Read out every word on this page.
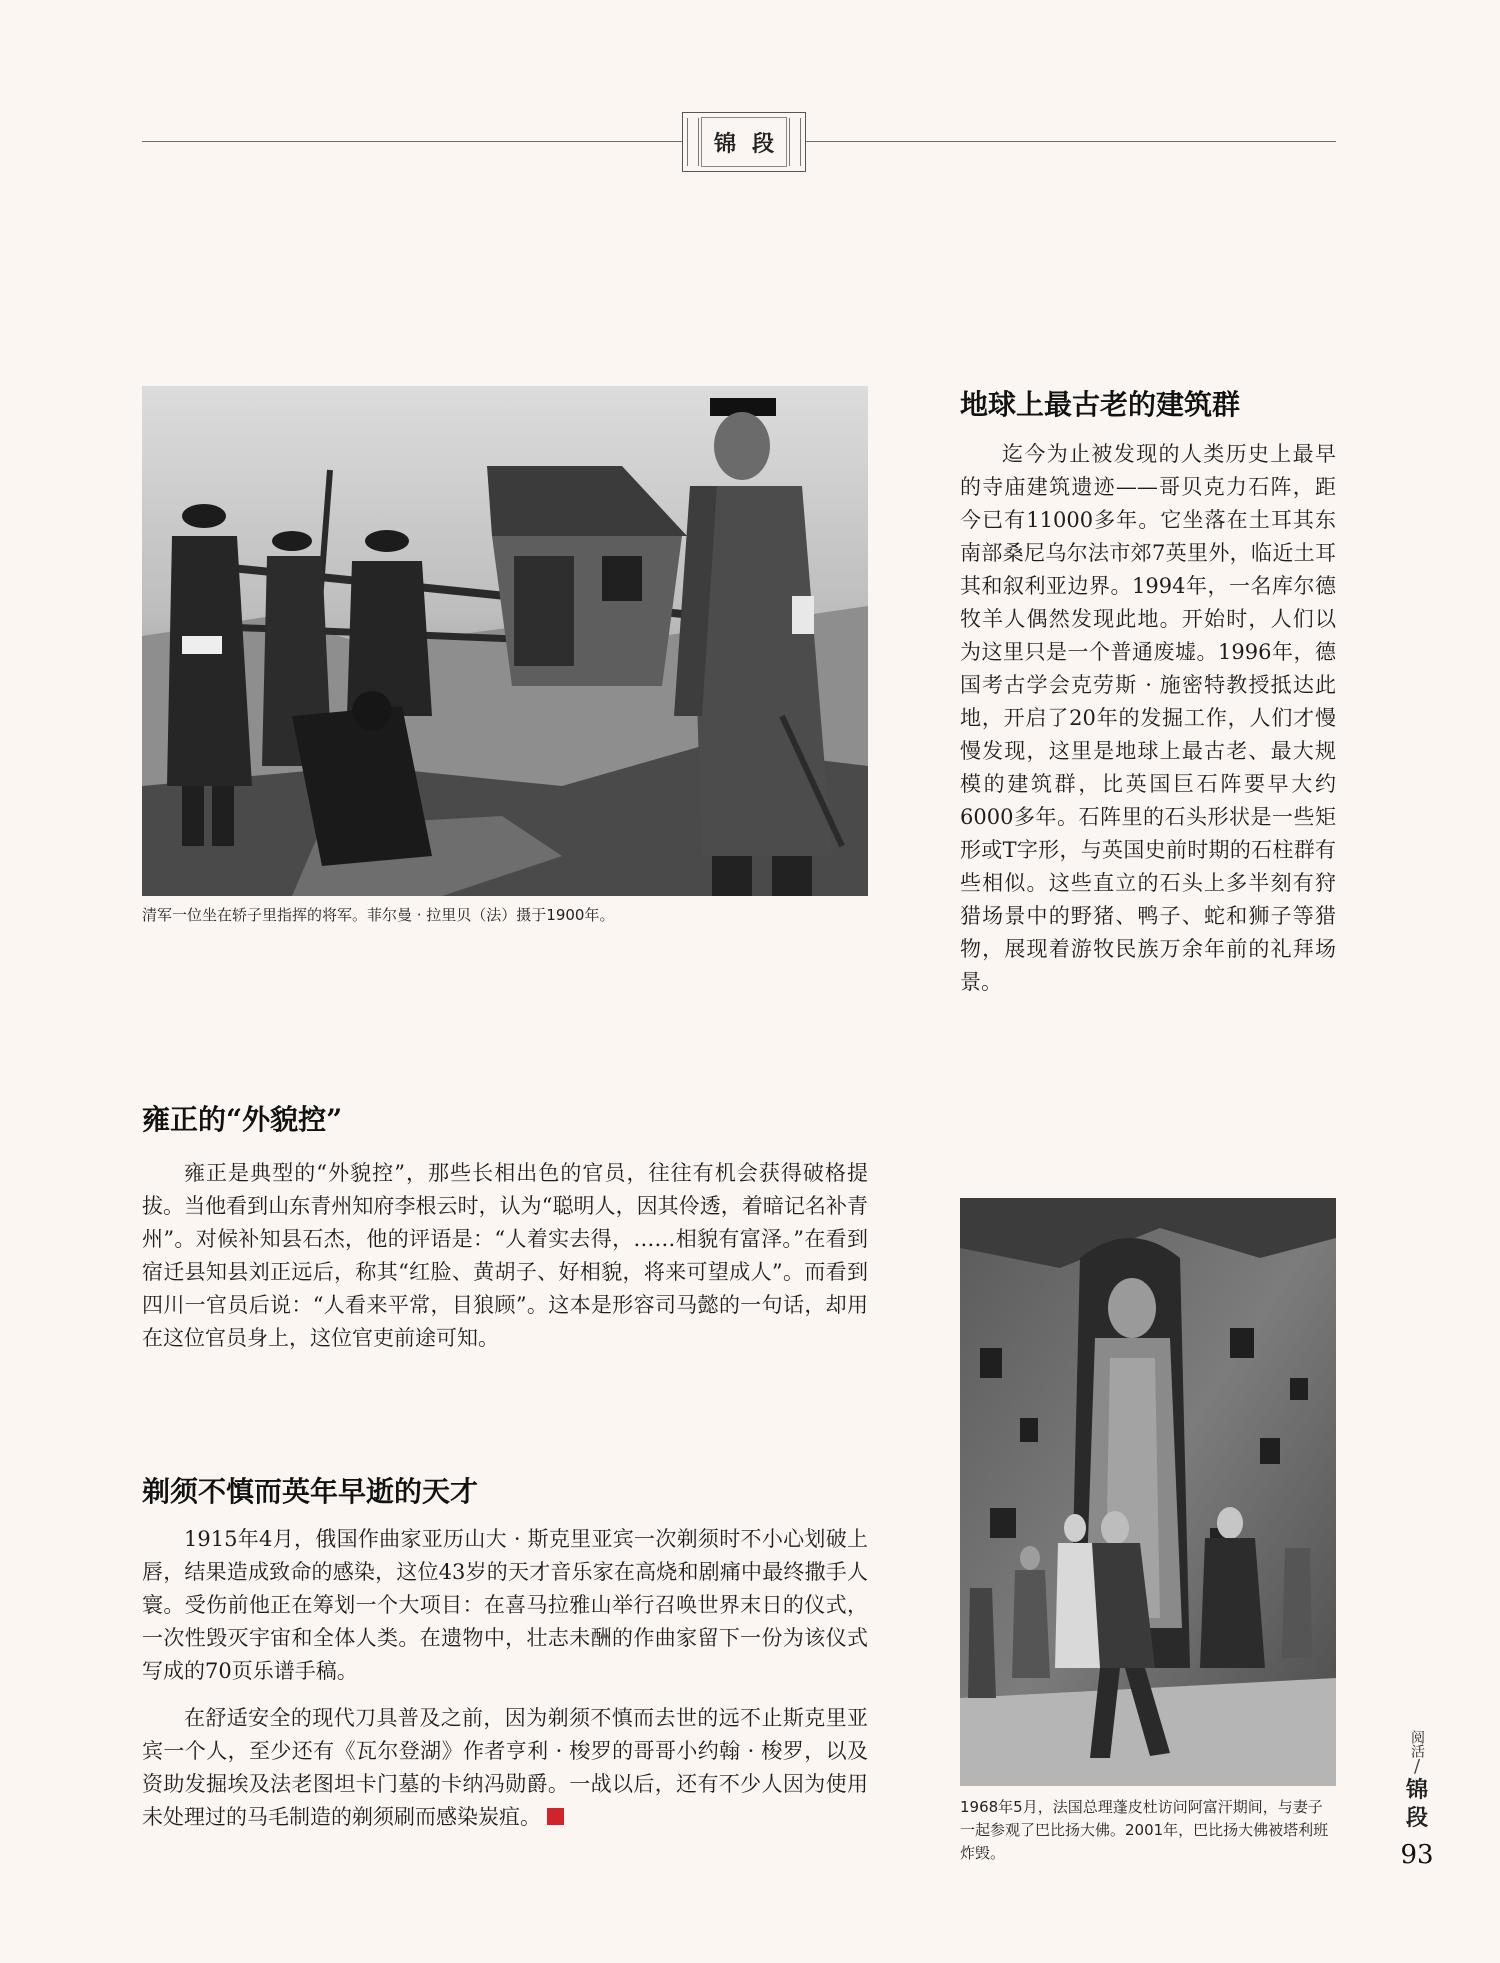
锦段
清军一位坐在轿子里指挥的将军。菲尔曼 · 拉里贝（法）摄于1900年。
地球上最古老的建筑群

迄今为止被发现的人类历史上最早的寺庙建筑遗迹——哥贝克力石阵，距今已有11000多年。它坐落在土耳其东南部桑尼乌尔法市郊7英里外，临近土耳其和叙利亚边界。1994年，一名库尔德牧羊人偶然发现此地。开始时，人们以为这里只是一个普通废墟。1996年，德国考古学会克劳斯 · 施密特教授抵达此地，开启了20年的发掘工作，人们才慢慢发现，这里是地球上最古老、最大规模的建筑群，比英国巨石阵要早大约6000多年。石阵里的石头形状是一些矩形或T字形，与英国史前时期的石柱群有些相似。这些直立的石头上多半刻有狩猎场景中的野猪、鸭子、蛇和狮子等猎物，展现着游牧民族万余年前的礼拜场景。

雍正的“外貌控”

雍正是典型的“外貌控”，那些长相出色的官员，往往有机会获得破格提拔。当他看到山东青州知府李根云时，认为“聪明人，因其伶透，着暗记名补青州”。对候补知县石杰，他的评语是：“人着实去得，……相貌有富泽。”在看到宿迁县知县刘正远后，称其“红脸、黄胡子、好相貌，将来可望成人”。而看到四川一官员后说：“人看来平常，目狼顾”。这本是形容司马懿的一句话，却用在这位官员身上，这位官吏前途可知。

剃须不慎而英年早逝的天才

1915年4月，俄国作曲家亚历山大 · 斯克里亚宾一次剃须时不小心划破上唇，结果造成致命的感染，这位43岁的天才音乐家在高烧和剧痛中最终撒手人寰。受伤前他正在筹划一个大项目：在喜马拉雅山举行召唤世界末日的仪式，一次性毁灭宇宙和全体人类。在遗物中，壮志未酬的作曲家留下一份为该仪式写成的70页乐谱手稿。

在舒适安全的现代刀具普及之前，因为剃须不慎而去世的远不止斯克里亚宾一个人，至少还有《瓦尔登湖》作者亨利 · 梭罗的哥哥小约翰 · 梭罗，以及资助发掘埃及法老图坦卡门墓的卡纳冯勋爵。一战以后，还有不少人因为使用未处理过的马毛制造的剃须刷而感染炭疽。	1968年5月，法国总理蓬皮杜访问阿富汗期间，与妻子一起参观了巴比扬大佛。2001年，巴比扬大佛被塔利班炸毁。
阅活
/
锦段
93
